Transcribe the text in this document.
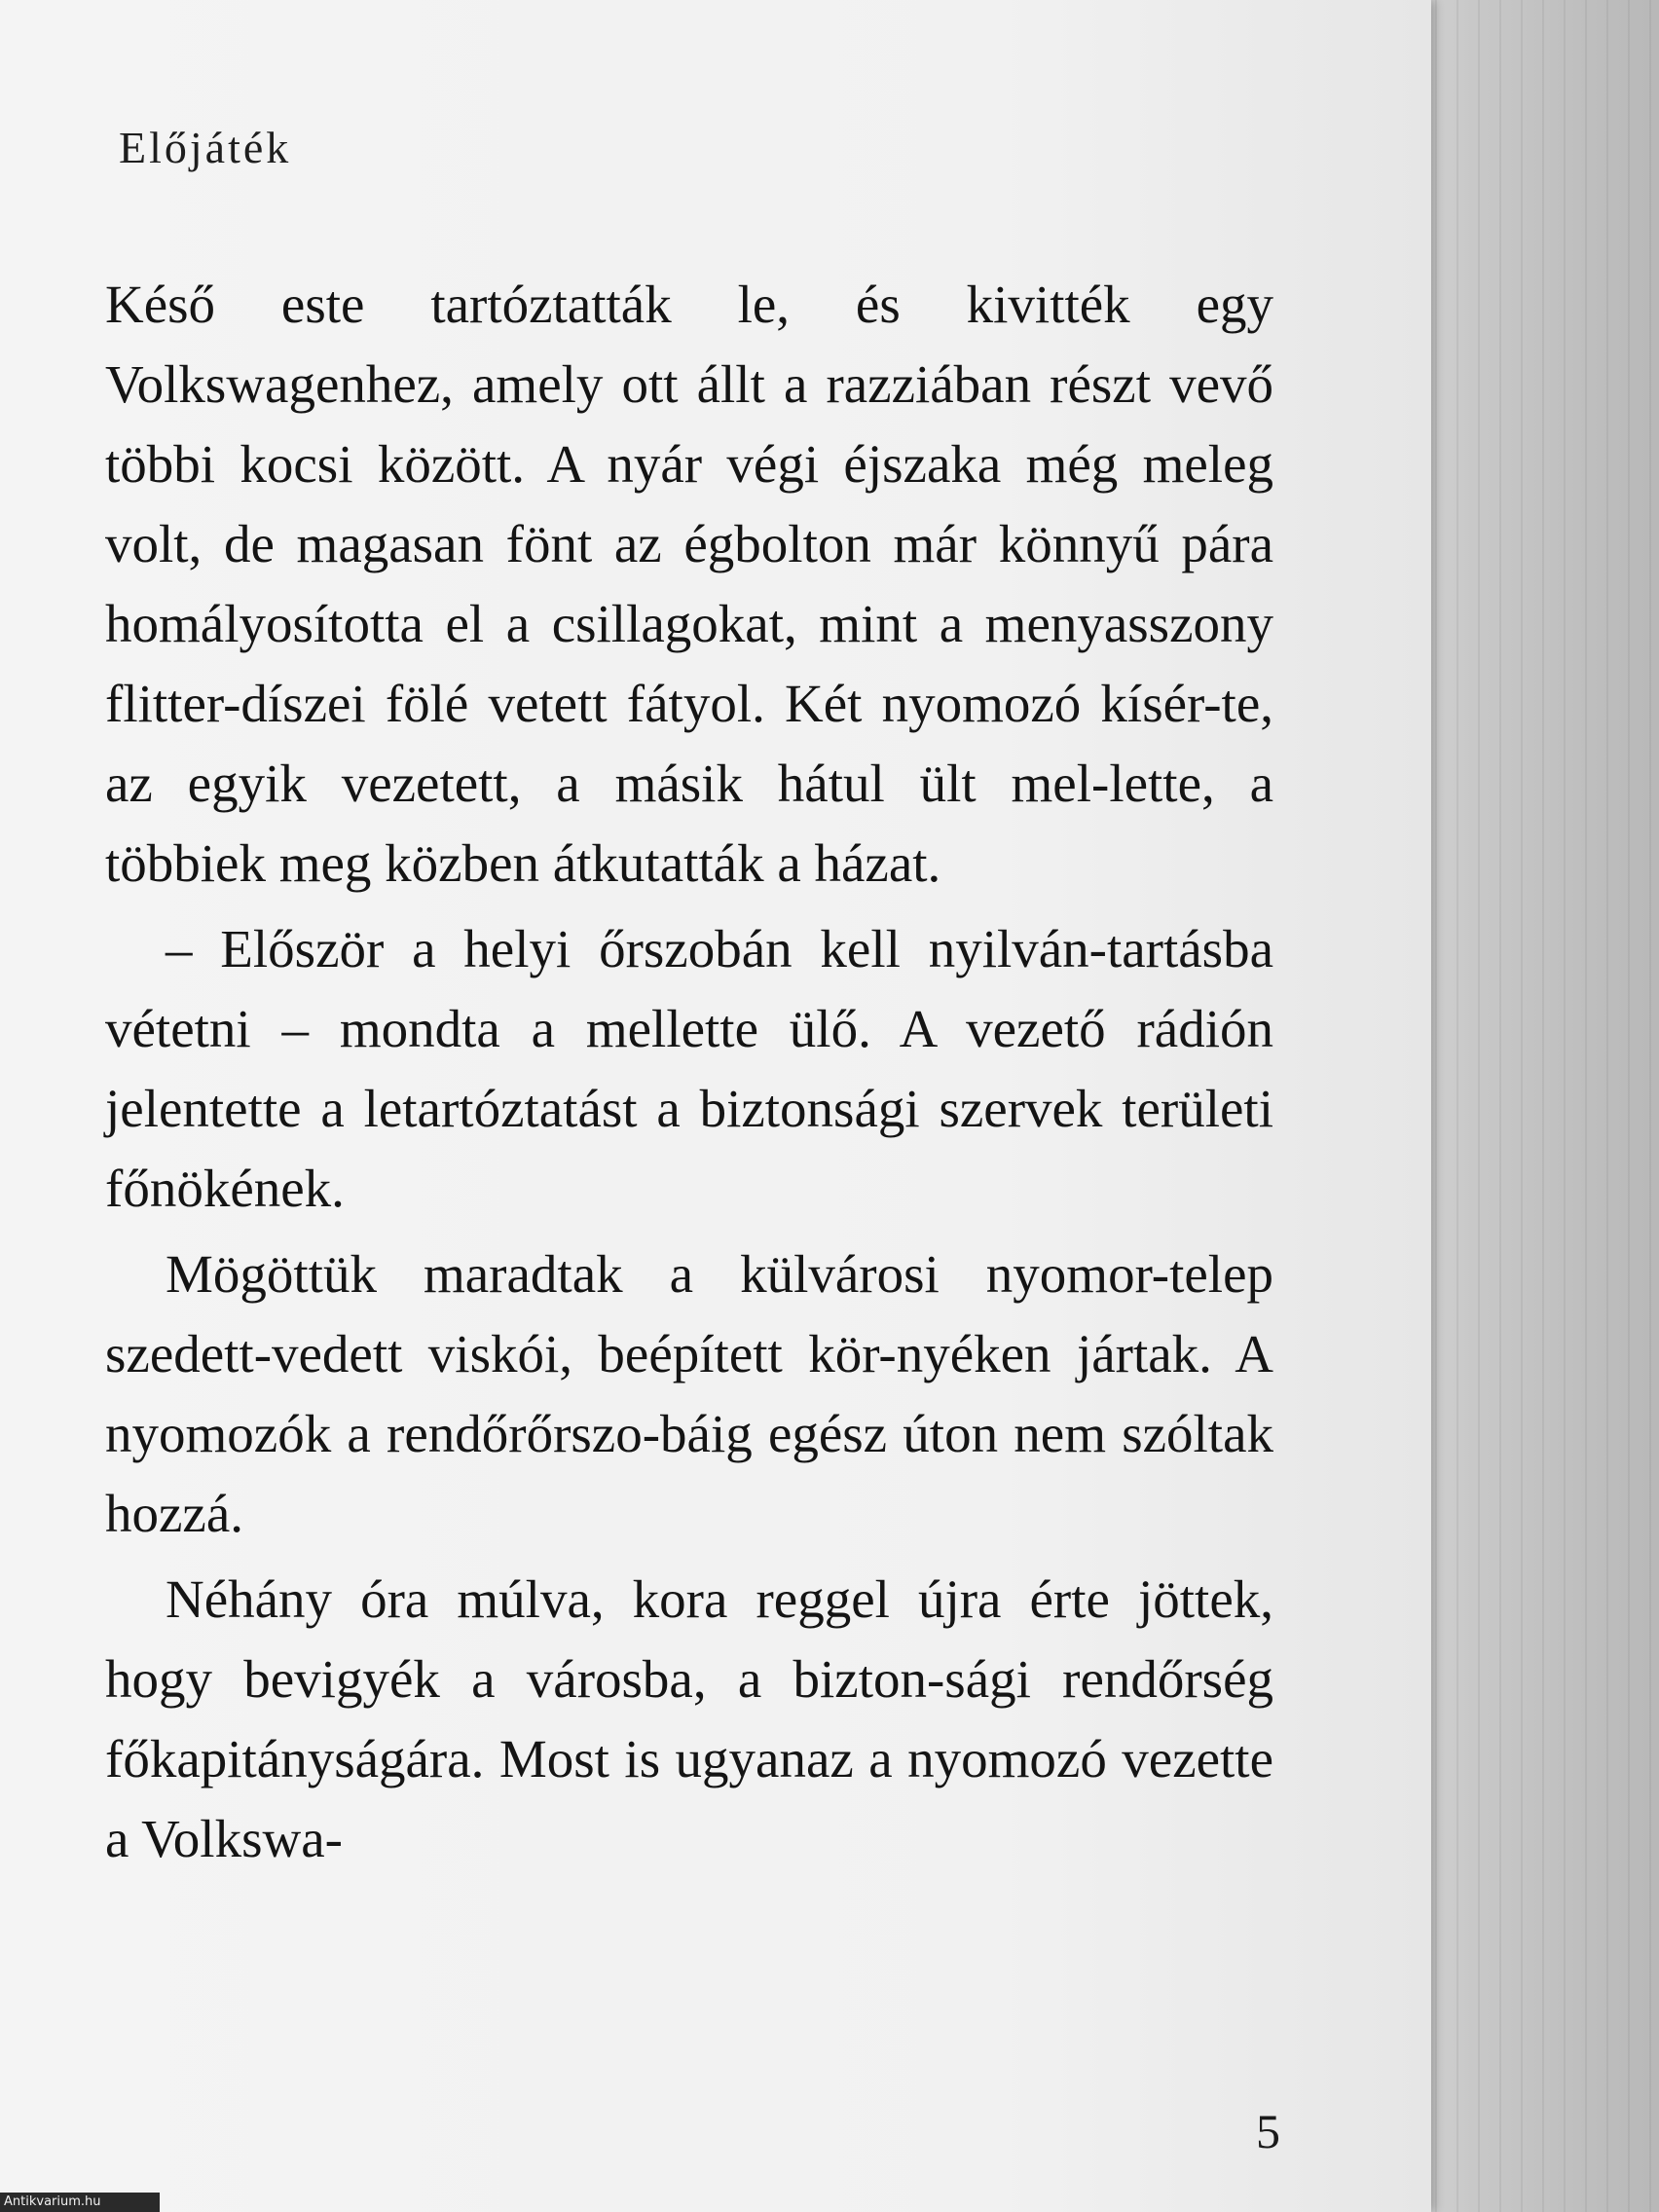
Előjáték

Késő este tartóztatták le, és kivitték egy Volkswagenhez, amely ott állt a razziában részt vevő többi kocsi között. A nyár végi éjszaka még meleg volt, de magasan fönt az égbolton már könnyű pára homályosította el a csillagokat, mint a menyasszony flitter-díszei fölé vetett fátyol. Két nyomozó kísér-te, az egyik vezetett, a másik hátul ült mel-lette, a többiek meg közben átkutatták a házat.

– Először a helyi őrszobán kell nyilván-tartásba vétetni – mondta a mellette ülő. A vezető rádión jelentette a letartóztatást a biztonsági szervek területi főnökének.

Mögöttük maradtak a külvárosi nyomor-telep szedett-vedett viskói, beépített kör-nyéken jártak. A nyomozók a rendőrőrszo-báig egész úton nem szóltak hozzá.

Néhány óra múlva, kora reggel újra érte jöttek, hogy bevigyék a városba, a bizton-sági rendőrség főkapitányságára. Most is ugyanaz a nyomozó vezette a Volkswa-

5
Antikvarium.hu
